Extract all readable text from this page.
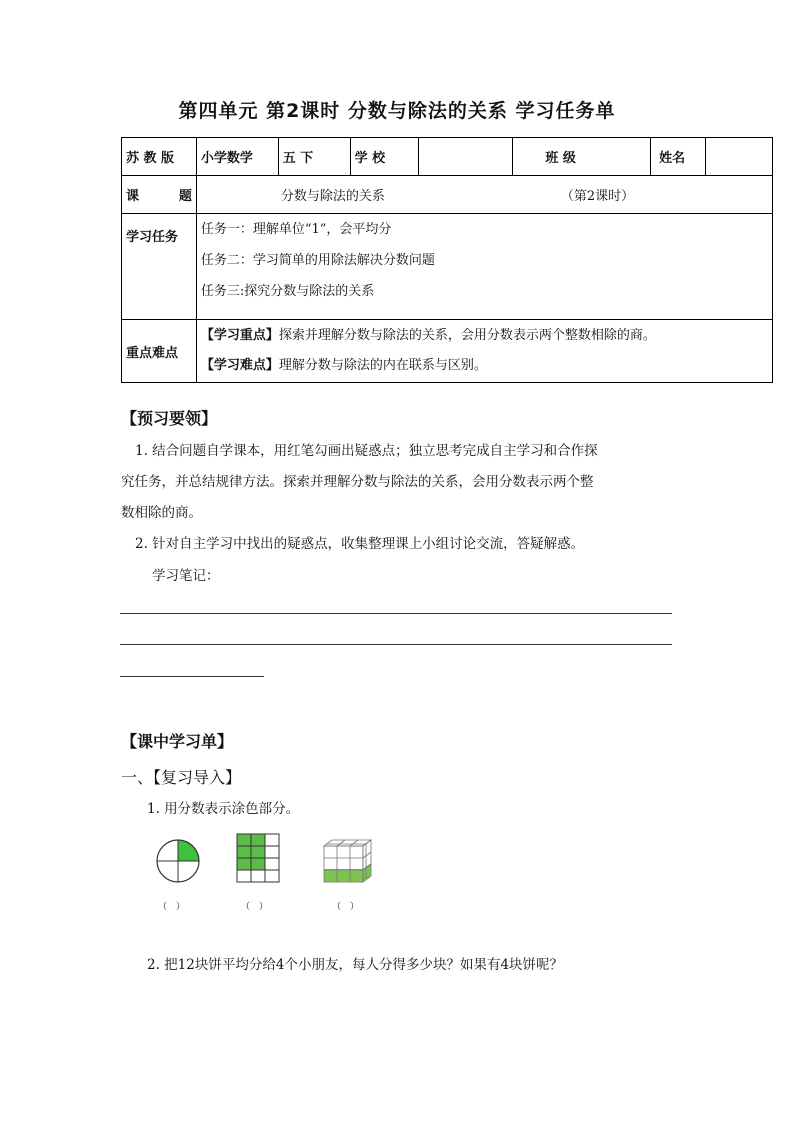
第四单元 第2课时 分数与除法的关系 学习任务单
苏 教 版	小学数学	五 下	学 校		班 级	姓名	
课 题	分数与除法的关系 （第2课时）						
学习任务	任务一：理解单位“1”，会平均分
任务二：学习简单的用除法解决分数问题
任务三:探究分数与除法的关系						

重点难点	【学习重点】探索并理解分数与除法的关系，会用分数表示两个整数相除的商。
【学习难点】理解分数与除法的内在联系与区别。						
【预习要领】
1. 结合问题自学课本，用红笔勾画出疑惑点；独立思考完成自主学习和合作探
究任务，并总结规律方法。探索并理解分数与除法的关系，会用分数表示两个整
数相除的商。
2. 针对自主学习中找出的疑惑点，收集整理课上小组讨论交流，答疑解惑。
学习笔记：
【课中学习单】
一、【复习导入】
1. 用分数表示涂色部分。
（　）	（　）	（　）
2. 把12块饼平均分给4个小朋友，每人分得多少块？如果有4块饼呢？
